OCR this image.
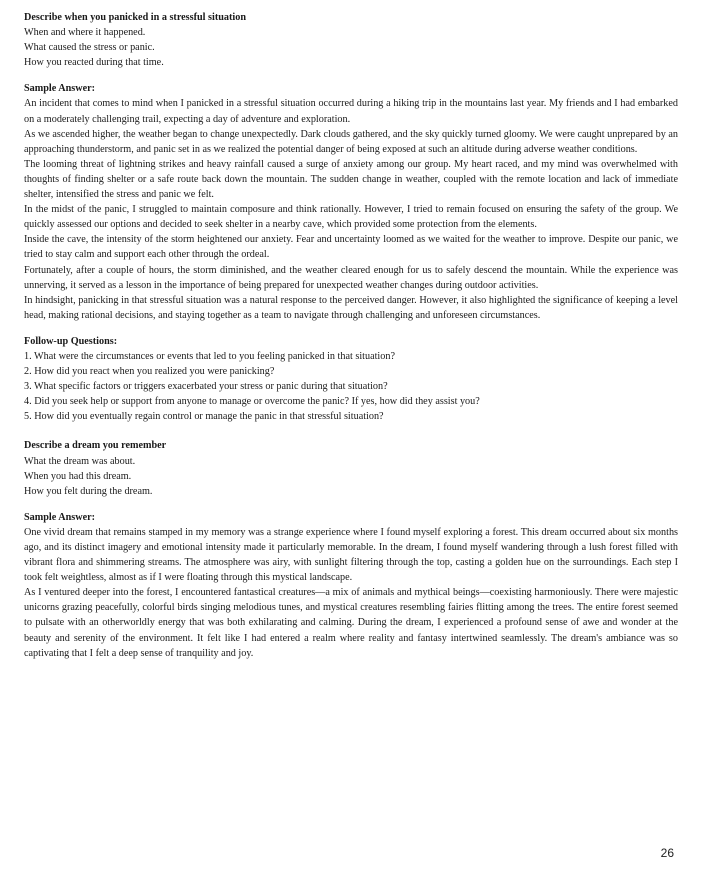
Describe when you panicked in a stressful situation

When and where it happened.

What caused the stress or panic.

How you reacted during that time.

Sample Answer:

An incident that comes to mind when I panicked in a stressful situation occurred during a hiking trip in the mountains last year. My friends and I had embarked on a moderately challenging trail, expecting a day of adventure and exploration.

As we ascended higher, the weather began to change unexpectedly. Dark clouds gathered, and the sky quickly turned gloomy. We were caught unprepared by an approaching thunderstorm, and panic set in as we realized the potential danger of being exposed at such an altitude during adverse weather conditions.

The looming threat of lightning strikes and heavy rainfall caused a surge of anxiety among our group. My heart raced, and my mind was overwhelmed with thoughts of finding shelter or a safe route back down the mountain. The sudden change in weather, coupled with the remote location and lack of immediate shelter, intensified the stress and panic we felt.

In the midst of the panic, I struggled to maintain composure and think rationally. However, I tried to remain focused on ensuring the safety of the group. We quickly assessed our options and decided to seek shelter in a nearby cave, which provided some protection from the elements.

Inside the cave, the intensity of the storm heightened our anxiety. Fear and uncertainty loomed as we waited for the weather to improve. Despite our panic, we tried to stay calm and support each other through the ordeal.

Fortunately, after a couple of hours, the storm diminished, and the weather cleared enough for us to safely descend the mountain. While the experience was unnerving, it served as a lesson in the importance of being prepared for unexpected weather changes during outdoor activities.

In hindsight, panicking in that stressful situation was a natural response to the perceived danger. However, it also highlighted the significance of keeping a level head, making rational decisions, and staying together as a team to navigate through challenging and unforeseen circumstances.

Follow-up Questions:

1. What were the circumstances or events that led to you feeling panicked in that situation?

2. How did you react when you realized you were panicking?

3. What specific factors or triggers exacerbated your stress or panic during that situation?

4. Did you seek help or support from anyone to manage or overcome the panic? If yes, how did they assist you?

5. How did you eventually regain control or manage the panic in that stressful situation?

Describe a dream you remember

What the dream was about.

When you had this dream.

How you felt during the dream.

Sample Answer:

One vivid dream that remains stamped in my memory was a strange experience where I found myself exploring a forest. This dream occurred about six months ago, and its distinct imagery and emotional intensity made it particularly memorable. In the dream, I found myself wandering through a lush forest filled with vibrant flora and shimmering streams. The atmosphere was airy, with sunlight filtering through the top, casting a golden hue on the surroundings. Each step I took felt weightless, almost as if I were floating through this mystical landscape.

As I ventured deeper into the forest, I encountered fantastical creatures—a mix of animals and mythical beings—coexisting harmoniously. There were majestic unicorns grazing peacefully, colorful birds singing melodious tunes, and mystical creatures resembling fairies flitting among the trees. The entire forest seemed to pulsate with an otherworldly energy that was both exhilarating and calming. During the dream, I experienced a profound sense of awe and wonder at the beauty and serenity of the environment. It felt like I had entered a realm where reality and fantasy intertwined seamlessly. The dream's ambiance was so captivating that I felt a deep sense of tranquility and joy.

26
